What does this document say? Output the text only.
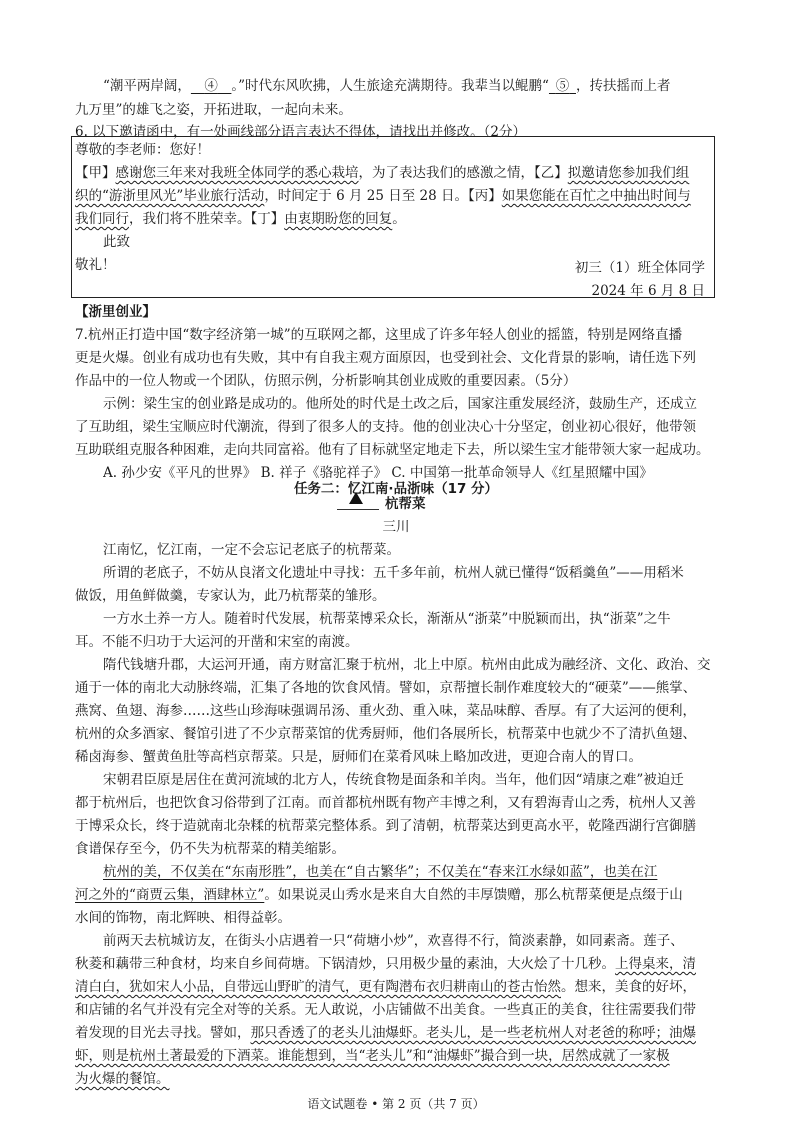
“潮平两岸阔，  ④  。”时代东风吹拂，人生旅途充满期待。我辈当以鲲鹏“  ⑤  ，抟扶摇而上者

九万里”的雄飞之姿，开拓进取，一起向未来。

6. 以下邀请函中，有一处画线部分语言表达不得体，请找出并修改。（2分）

尊敬的李老师：您好！

【甲】感谢您三年来对我班全体同学的悉心栽培，为了表达我们的感激之情，【乙】拟邀请您参加我们组

织的“游浙里风光”毕业旅行活动，时间定于 6 月 25 日至 28 日。【丙】如果您能在百忙之中抽出时间与

我们同行，我们将不胜荣幸。【丁】由衷期盼您的回复。

此致

敬礼！	初三（1）班全体同学

2024 年 6 月 8 日

【浙里创业】

7.杭州正打造中国“数字经济第一城”的互联网之都，这里成了许多年轻人创业的摇篮，特别是网络直播

更是火爆。创业有成功也有失败，其中有自我主观方面原因，也受到社会、文化背景的影响，请任选下列

作品中的一位人物或一个团队，仿照示例，分析影响其创业成败的重要因素。（5分）

示例：梁生宝的创业路是成功的。他所处的时代是土改之后，国家注重发展经济，鼓励生产，还成立

了互助组，梁生宝顺应时代潮流，得到了很多人的支持。他的创业决心十分坚定，创业初心很好，他带领

互助联组克服各种困难，走向共同富裕。他有了目标就坚定地走下去，所以梁生宝才能带领大家一起成功。

A. 孙少安《平凡的世界》 B. 祥子《骆驼祥子》 C. 中国第一批革命领导人《红星照耀中国》

任务二：忆江南·品浙味（17 分）

杭帮菜

三川

江南忆，忆江南，一定不会忘记老底子的杭帮菜。

所谓的老底子，不妨从良渚文化遗址中寻找：五千多年前，杭州人就已懂得“饭稻羹鱼”——用稻米

做饭，用鱼鲜做羹，专家认为，此乃杭帮菜的雏形。

一方水土养一方人。随着时代发展，杭帮菜博采众长，渐渐从“浙菜”中脱颖而出，执“浙菜”之牛

耳。不能不归功于大运河的开凿和宋室的南渡。

隋代钱塘升郡，大运河开通，南方财富汇聚于杭州，北上中原。杭州由此成为融经济、文化、政治、交

通于一体的南北大动脉终端，汇集了各地的饮食风情。譬如，京帮擅长制作难度较大的“硬菜”——熊掌、

燕窝、鱼翅、海参……这些山珍海味强调吊汤、重火劲、重入味，菜品味醇、香厚。有了大运河的便利，

杭州的众多酒家、餐馆引进了不少京帮菜馆的优秀厨师，他们各展所长，杭帮菜中也就少不了清扒鱼翅、

稀卤海参、蟹黄鱼肚等高档京帮菜。只是，厨师们在菜肴风味上略加改进，更迎合南人的胃口。

宋朝君臣原是居住在黄河流域的北方人，传统食物是面条和羊肉。当年，他们因“靖康之难”被迫迁

都于杭州后，也把饮食习俗带到了江南。而首都杭州既有物产丰博之利，又有碧海青山之秀，杭州人又善

于博采众长，终于造就南北杂糅的杭帮菜完整体系。到了清朝，杭帮菜达到更高水平，乾隆西湖行宫御膳

食谱保存至今，仍不失为杭帮菜的精美缩影。

杭州的美，不仅美在“东南形胜”，也美在“自古繁华”；不仅美在“春来江水绿如蓝”，也美在江

河之外的“商贾云集，酒肆林立”。如果说灵山秀水是来自大自然的丰厚馈赠，那么杭帮菜便是点缀于山

水间的饰物，南北辉映、相得益彰。

前两天去杭城访友，在街头小店遇着一只“荷塘小炒”，欢喜得不行，简淡素静，如同素斋。莲子、

秋菱和藕带三种食材，均来自乡间荷塘。下锅清炒，只用极少量的素油，大火烩了十几秒。上得桌来，清

清白白，犹如宋人小品，自带远山野旷的清气，更有陶潜布衣归耕南山的苍古怡然。想来，美食的好坏，

和店铺的名气并没有完全对等的关系。无人敢说，小店铺做不出美食。一些真正的美食，往往需要我们带

着发现的目光去寻找。譬如，那只香透了的老头儿油爆虾。老头儿，是一些老杭州人对老爸的称呼；油爆

虾，则是杭州土著最爱的下酒菜。谁能想到，当“老头儿”和“油爆虾”撮合到一块，居然成就了一家极

为火爆的餐馆。

语文试题卷 • 第 2 页（共 7 页）
